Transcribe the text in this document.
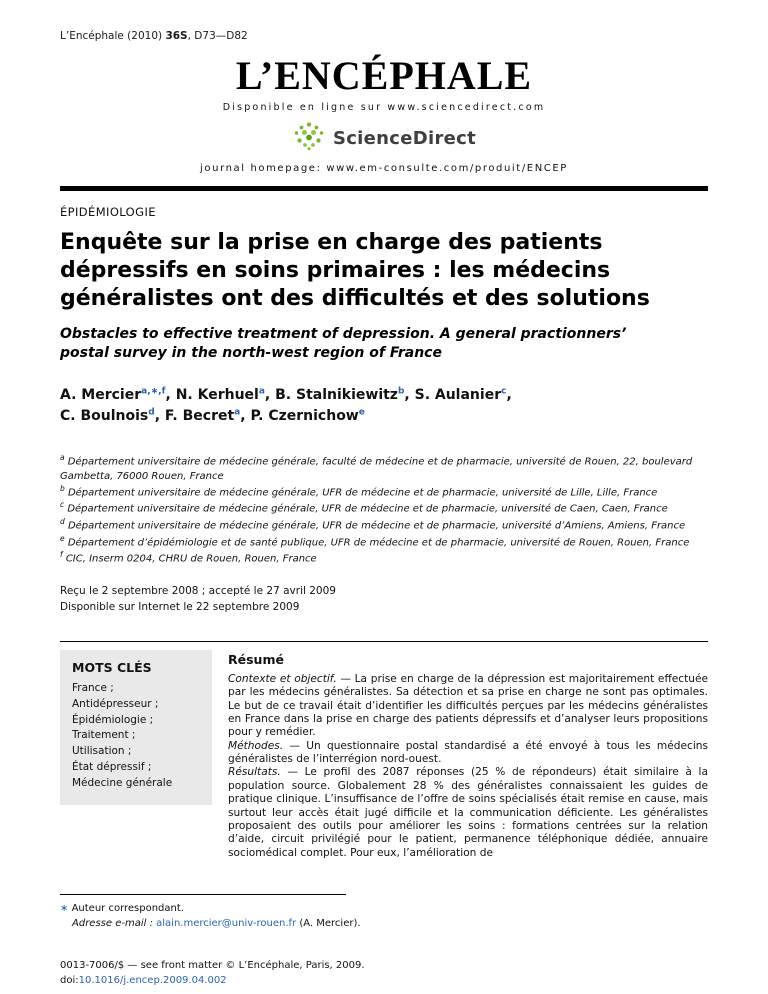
L’Encéphale (2010) 36S, D73—D82
L’ENCÉPHALE
Disponible en ligne sur www.sciencedirect.com
ScienceDirect
journal homepage: www.em-consulte.com/produit/ENCEP
ÉPIDÉMIOLOGIE
Enquête sur la prise en charge des patients dépressifs en soins primaires : les médecins généralistes ont des difficultés et des solutions
Obstacles to effective treatment of depression. A general practionners’ postal survey in the north-west region of France
A. Mercier$^{a,∗,f}$, N. Kerhuel$^a$, B. Stalnikiewitz$^b$, S. Aulanier$^c$,
C. Boulnois$^d$, F. Becret$^a$, P. Czernichow$^e$
$^a$ Département universitaire de médecine générale, faculté de médecine et de pharmacie, université de Rouen, 22, boulevard Gambetta, 76000 Rouen, France
$^b$ Département universitaire de médecine générale, UFR de médecine et de pharmacie, université de Lille, Lille, France
$^c$ Département universitaire de médecine générale, UFR de médecine et de pharmacie, université de Caen, Caen, France
$^d$ Département universitaire de médecine générale, UFR de médecine et de pharmacie, université d’Amiens, Amiens, France
$^e$ Département d’épidémiologie et de santé publique, UFR de médecine et de pharmacie, université de Rouen, Rouen, France
$^f$ CIC, Inserm 0204, CHRU de Rouen, Rouen, France
Reçu le 2 septembre 2008 ; accepté le 27 avril 2009
Disponible sur Internet le 22 septembre 2009
MOTS CLÉS
France ;
Antidépresseur ;
Épidémiologie ;
Traitement ;
Utilisation ;
État dépressif ;
Médecine générale
Résumé
Contexte et objectif. — La prise en charge de la dépression est majoritairement effectuée par les médecins généralistes. Sa détection et sa prise en charge ne sont pas optimales. Le but de ce travail était d’identifier les difficultés perçues par les médecins généralistes en France dans la prise en charge des patients dépressifs et d’analyser leurs propositions pour y remédier.
Méthodes. — Un questionnaire postal standardisé a été envoyé à tous les médecins généralistes de l’interrégion nord-ouest.
Résultats. — Le profil des 2087 réponses (25 % de répondeurs) était similaire à la population source. Globalement 28 % des généralistes connaissaient les guides de pratique clinique. L’insuffisance de l’offre de soins spécialisés était remise en cause, mais surtout leur accès était jugé difficile et la communication déficiente. Les généralistes proposaient des outils pour améliorer les soins : formations centrées sur la relation d’aide, circuit privilégié pour le patient, permanence téléphonique dédiée, annuaire sociomédical complet. Pour eux, l’amélioration de
∗ Auteur correspondant.
Adresse e-mail : alain.mercier@univ-rouen.fr (A. Mercier).
0013-7006/$ — see front matter © L’Encéphale, Paris, 2009.
doi:10.1016/j.encep.2009.04.002
